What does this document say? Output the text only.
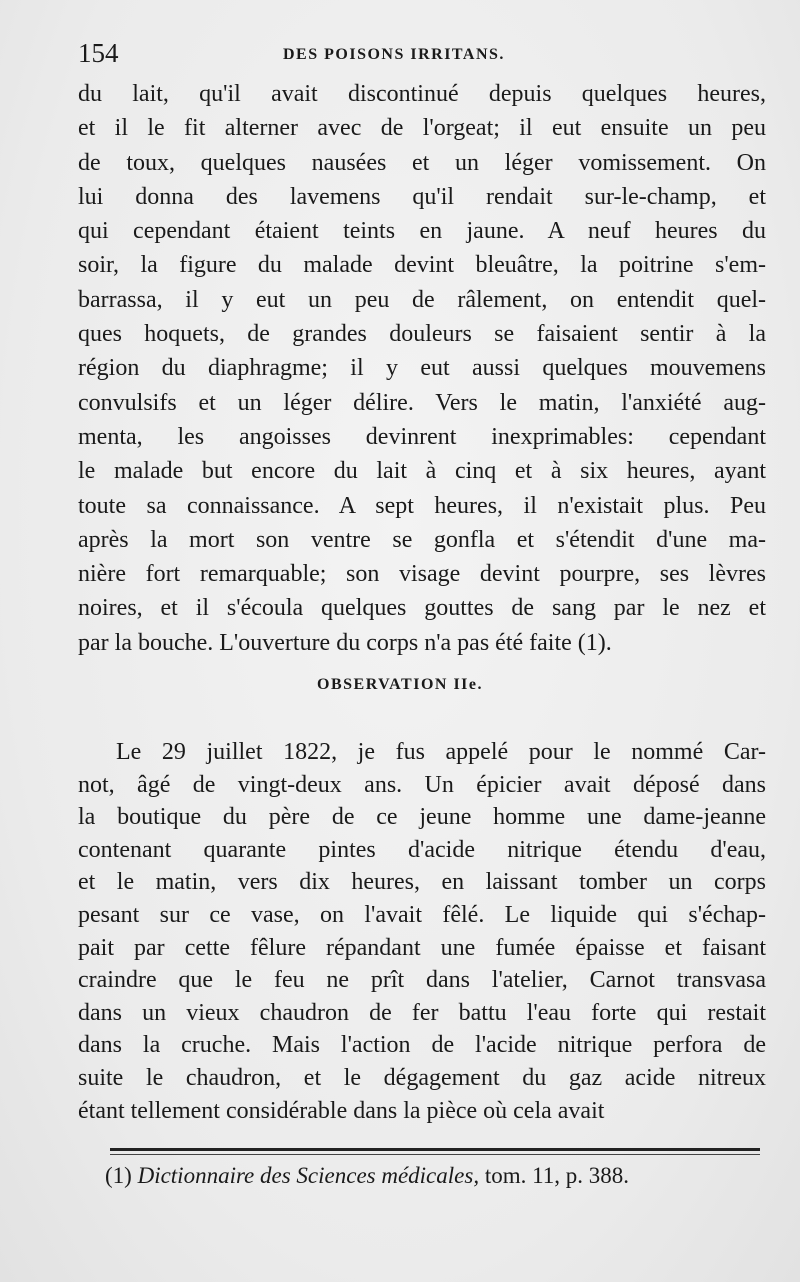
154	DES POISONS IRRITANS.
du lait, qu'il avait discontinué depuis quelques heures,
et il le fit alterner avec de l'orgeat; il eut ensuite un peu
de toux, quelques nausées et un léger vomissement. On
lui donna des lavemens qu'il rendait sur-le-champ, et
qui cependant étaient teints en jaune. A neuf heures du
soir, la figure du malade devint bleuâtre, la poitrine s'em-
barrassa, il y eut un peu de râlement, on entendit quel-
ques hoquets, de grandes douleurs se faisaient sentir à la
région du diaphragme; il y eut aussi quelques mouvemens
convulsifs et un léger délire. Vers le matin, l'anxiété aug-
menta, les angoisses devinrent inexprimables: cependant
le malade but encore du lait à cinq et à six heures, ayant
toute sa connaissance. A sept heures, il n'existait plus. Peu
après la mort son ventre se gonfla et s'étendit d'une ma-
nière fort remarquable; son visage devint pourpre, ses lèvres
noires, et il s'écoula quelques gouttes de sang par le nez et
par la bouche. L'ouverture du corps n'a pas été faite (1).
OBSERVATION IIe.
Le 29 juillet 1822, je fus appelé pour le nommé Car-
not, âgé de vingt-deux ans. Un épicier avait déposé dans
la boutique du père de ce jeune homme une dame-jeanne
contenant quarante pintes d'acide nitrique étendu d'eau,
et le matin, vers dix heures, en laissant tomber un corps
pesant sur ce vase, on l'avait fêlé. Le liquide qui s'échap-
pait par cette fêlure répandant une fumée épaisse et faisant
craindre que le feu ne prît dans l'atelier, Carnot transvasa
dans un vieux chaudron de fer battu l'eau forte qui restait
dans la cruche. Mais l'action de l'acide nitrique perfora de
suite le chaudron, et le dégagement du gaz acide nitreux
étant tellement considérable dans la pièce où cela avait
(1) Dictionnaire des Sciences médicales, tom. 11, p. 388.
